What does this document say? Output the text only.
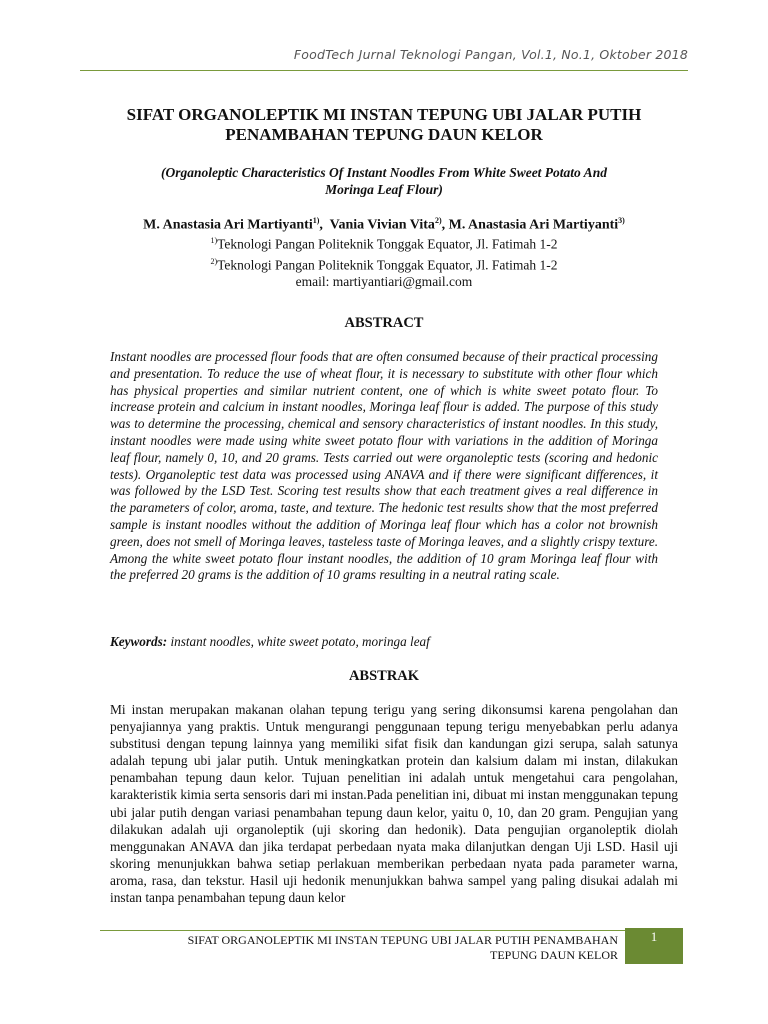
FoodTech Jurnal Teknologi Pangan, Vol.1, No.1, Oktober 2018
SIFAT ORGANOLEPTIK MI INSTAN TEPUNG UBI JALAR PUTIH
PENAMBAHAN TEPUNG DAUN KELOR
(Organoleptic Characteristics Of Instant Noodles From White Sweet Potato And
Moringa Leaf Flour)
M. Anastasia Ari Martiyanti$^{1)}$,  Vania Vivian Vita$^{2)}$, M. Anastasia Ari Martiyanti$^{3)}$
$^{1)}$Teknologi Pangan Politeknik Tonggak Equator, Jl. Fatimah 1-2
$^{2)}$Teknologi Pangan Politeknik Tonggak Equator, Jl. Fatimah 1-2
email: martiyantiari@gmail.com
ABSTRACT
Instant noodles are processed flour foods that are often consumed because of their practical processing and presentation. To reduce the use of wheat flour, it is necessary to substitute with other flour which has physical properties and similar nutrient content, one of which is white sweet potato flour. To increase protein and calcium in instant noodles, Moringa leaf flour is added. The purpose of this study was to determine the processing, chemical and sensory characteristics of instant noodles. In this study, instant noodles were made using white sweet potato flour with variations in the addition of Moringa leaf flour, namely 0, 10, and 20 grams. Tests carried out were organoleptic tests (scoring and hedonic tests). Organoleptic test data was processed using ANAVA and if there were significant differences, it was followed by the LSD Test. Scoring test results show that each treatment gives a real difference in the parameters of color, aroma, taste, and texture. The hedonic test results show that the most preferred sample is instant noodles without the addition of Moringa leaf flour which has a color not brownish green, does not smell of Moringa leaves, tasteless taste of Moringa leaves, and a slightly crispy texture. Among the white sweet potato flour instant noodles, the addition of 10 gram Moringa leaf flour with the preferred 20 grams is the addition of 10 grams resulting in a neutral rating scale.
Keywords: instant noodles, white sweet potato, moringa leaf
ABSTRAK
Mi instan merupakan makanan olahan tepung terigu yang sering dikonsumsi karena pengolahan dan penyajiannya yang praktis. Untuk mengurangi penggunaan tepung terigu menyebabkan perlu adanya substitusi dengan tepung lainnya yang memiliki sifat fisik dan kandungan gizi serupa, salah satunya adalah tepung ubi jalar putih. Untuk meningkatkan protein dan kalsium dalam mi instan, dilakukan penambahan tepung daun kelor. Tujuan penelitian ini adalah untuk mengetahui cara pengolahan, karakteristik kimia serta sensoris dari mi instan.Pada penelitian ini, dibuat mi instan menggunakan tepung ubi jalar putih dengan variasi penambahan tepung daun kelor, yaitu 0, 10, dan 20 gram. Pengujian yang dilakukan adalah uji organoleptik (uji skoring dan hedonik). Data pengujian organoleptik diolah menggunakan ANAVA dan jika terdapat perbedaan nyata maka dilanjutkan dengan Uji LSD. Hasil uji skoring menunjukkan bahwa setiap perlakuan memberikan perbedaan nyata pada parameter warna, aroma, rasa, dan tekstur. Hasil uji hedonik menunjukkan bahwa sampel yang paling disukai adalah mi instan tanpa penambahan tepung daun kelor
SIFAT ORGANOLEPTIK MI INSTAN TEPUNG UBI JALAR PUTIH PENAMBAHAN
TEPUNG DAUN KELOR
1
